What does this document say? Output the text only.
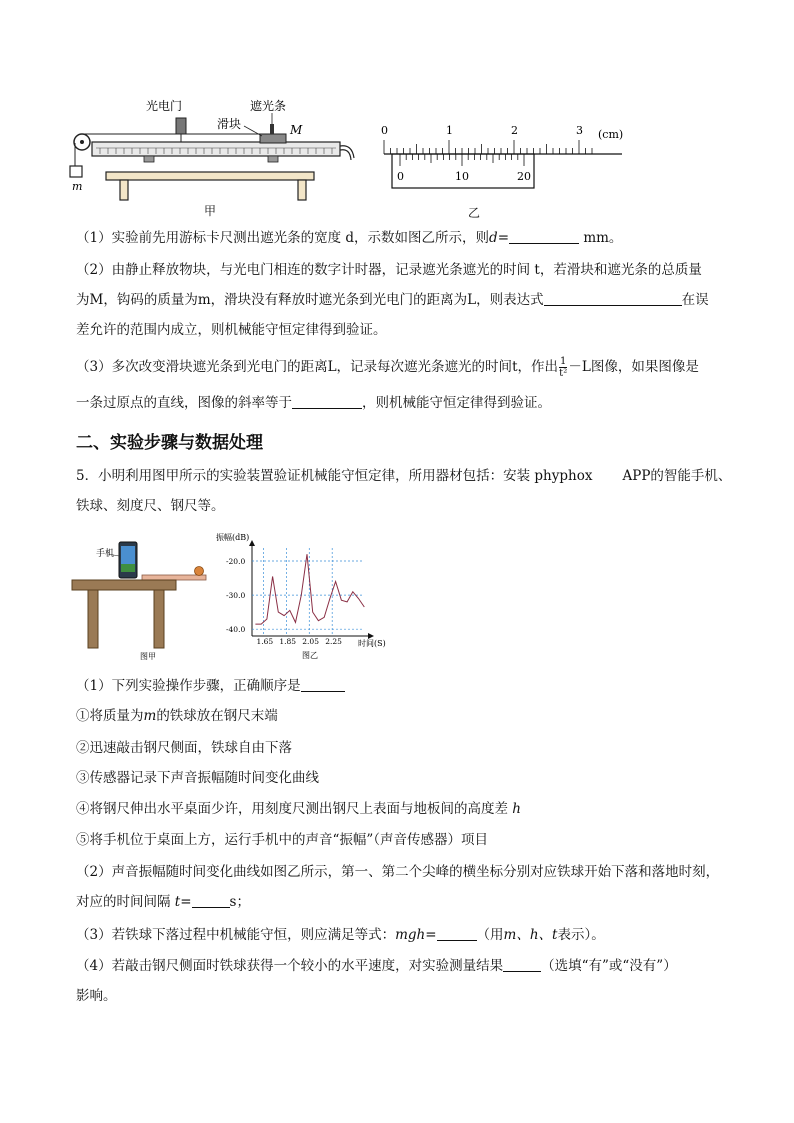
m
光电门	遮光条
滑块	M
甲
0	1	2	3 (cm)
0	10	20
乙
（1）实验前先用游标卡尺测出遮光条的宽度 d，示数如图乙所示，则d=	mm。
（2）由静止释放物块，与光电门相连的数字计时器，记录遮光条遮光的时间 t，若滑块和遮光条的总质量
为M，钩码的质量为m，滑块没有释放时遮光条到光电门的距离为L，则表达式	在误
差允许的范围内成立，则机械能守恒定律得到验证。
（3）多次改变滑块遮光条到光电门的距离L，记录每次遮光条遮光的时间t，作出 $\frac{1}{\text{t²}} -L$图像，如果图像是
一条过原点的直线，图像的斜率等于	，则机械能守恒定律得到验证。
二、实验步骤与数据处理
5．小明利用图甲所示的实验装置验证机械能守恒定律，所用器材包括：安装 phyphox APP的智能手机、
铁球、刻度尺、钢尺等。
手机
图甲
振幅(dB)
时间(S)
-20.0
-30.0
-40.0
1.65 1.85 2.05 2.25
图乙
（1）下列实验操作步骤，正确顺序是
①将质量为m的铁球放在钢尺末端
②迅速敲击钢尺侧面，铁球自由下落
③传感器记录下声音振幅随时间变化曲线
④将钢尺伸出水平桌面少许，用刻度尺测出钢尺上表面与地板间的高度差 h
⑤将手机位于桌面上方，运行手机中的声音“振幅”（声音传感器）项目
（2）声音振幅随时间变化曲线如图乙所示，第一、第二个尖峰的横坐标分别对应铁球开始下落和落地时刻，
对应的时间间隔 t=	s；
（3）若铁球下落过程中机械能守恒，则应满足等式：mgh=	（用m、h、t表示）。
（4）若敲击钢尺侧面时铁球获得一个较小的水平速度，对实验测量结果	（选填“有”或“没有”）
影响。
